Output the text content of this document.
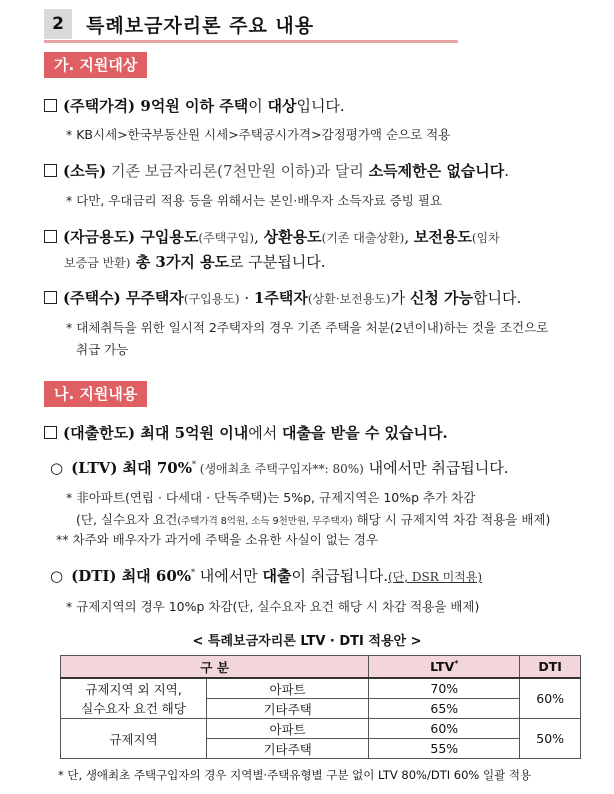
2	특례보금자리론 주요 내용
가. 지원대상
(주택가격) 9억원 이하 주택이 대상입니다.
* KB시세>한국부동산원 시세>주택공시가격>감정평가액 순으로 적용
(소득) 기존 보금자리론(7천만원 이하)과 달리 소득제한은 없습니다.
* 다만, 우대금리 적용 등을 위해서는 본인·배우자 소득자료 증빙 필요
(자금용도) 구입용도(주택구입), 상환용도(기존 대출상환), 보전용도(임차
보증금 반환) 총 3가지 용도로 구분됩니다.
(주택수) 무주택자(구입용도) · 1주택자(상환·보전용도)가 신청 가능합니다.
* 대체취득을 위한 일시적 2주택자의 경우 기존 주택을 처분(2년이내)하는 것을 조건으로
취급 가능
나. 지원내용
(대출한도) 최대 5억원 이내에서 대출을 받을 수 있습니다.
○ (LTV) 최대 70%* (생애최초 주택구입자**: 80%) 내에서만 취급됩니다.
* 非아파트(연립 · 다세대 · 단독주택)는 5%p, 규제지역은 10%p 추가 차감
(단, 실수요자 요건(주택가격 8억원, 소득 9천만원, 무주택자) 해당 시 규제지역 차감 적용을 배제)
** 차주와 배우자가 과거에 주택을 소유한 사실이 없는 경우
○ (DTI) 최대 60%* 내에서만 대출이 취급됩니다.(단, DSR 미적용)
* 규제지역의 경우 10%p 차감(단, 실수요자 요건 해당 시 차감 적용을 배제)
< 특례보금자리론 LTV · DTI 적용안 >
구 분		LTV*	DTI
규제지역 외 지역,
실수요자 요건 해당	아파트	70%	60%
	기타주택	65%	
규제지역	아파트	60%	50%
	기타주택	55%	
* 단, 생애최초 주택구입자의 경우 지역별·주택유형별 구분 없이 LTV 80%/DTI 60% 일괄 적용
